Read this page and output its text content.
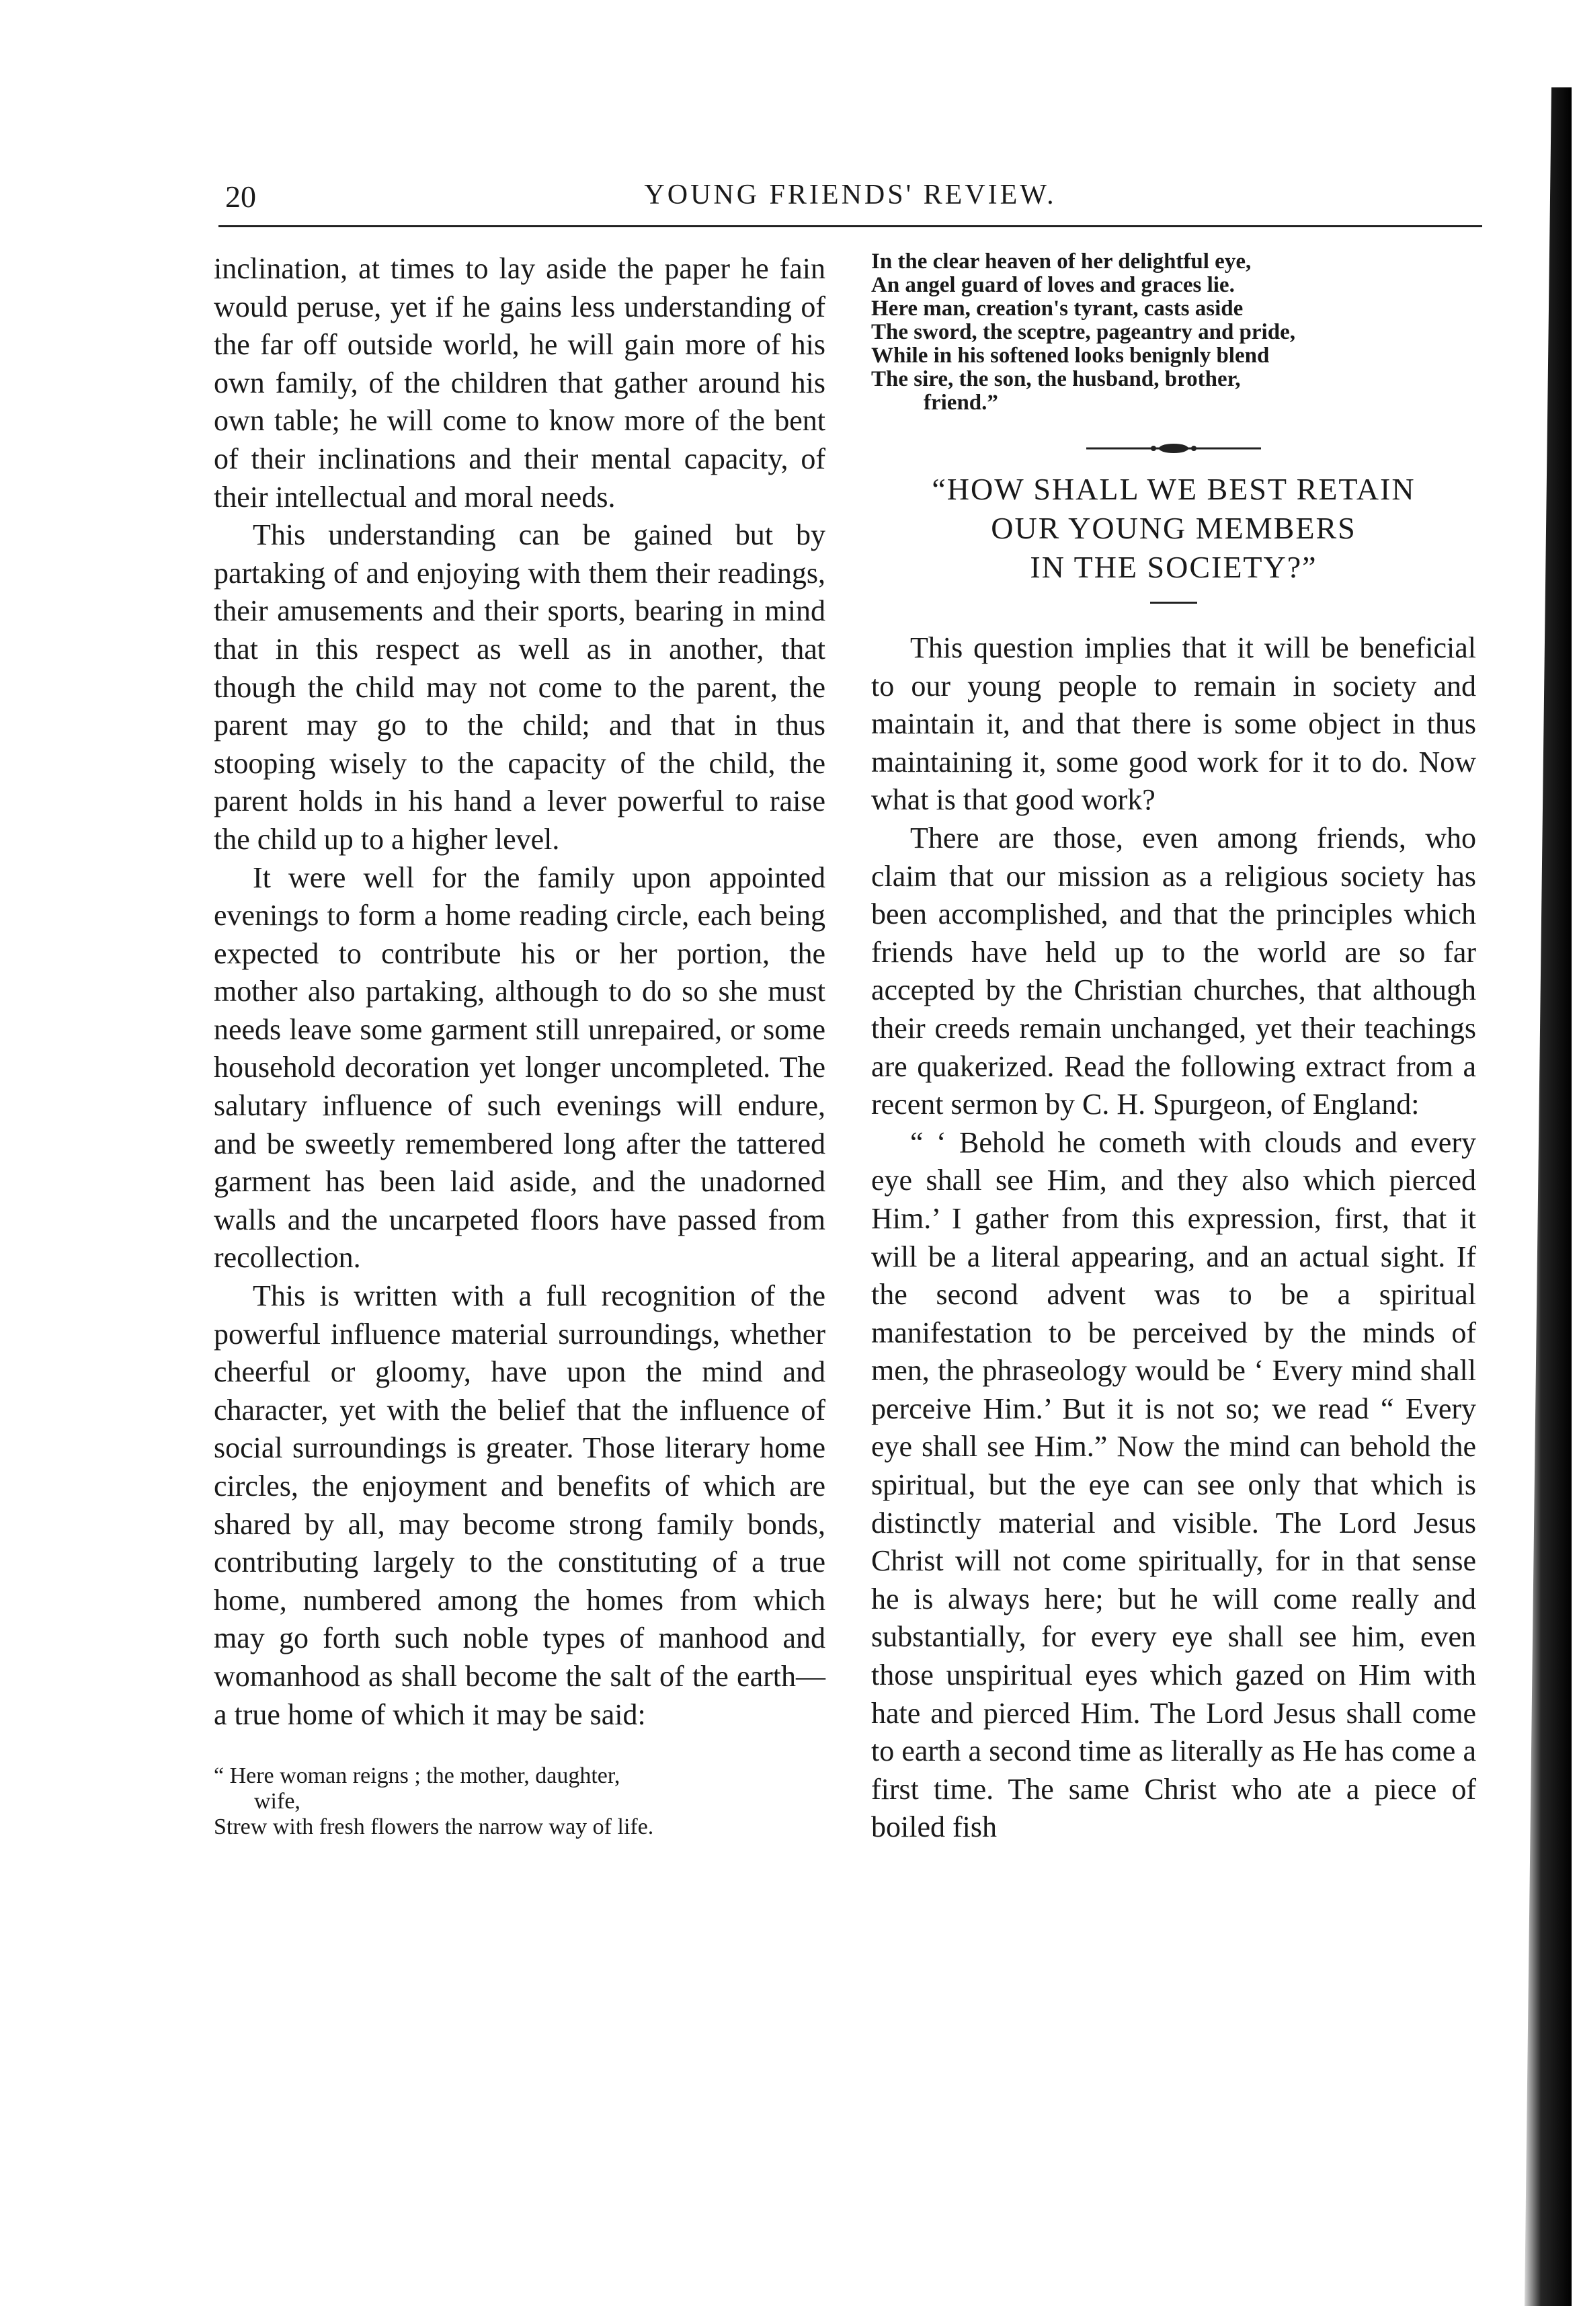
20	YOUNG FRIENDS' REVIEW.

inclination, at times to lay aside the paper he fain would peruse, yet if he gains less understanding of the far off outside world, he will gain more of his own family, of the children that gather around his own table; he will come to know more of the bent of their inclinations and their mental capacity, of their intellectual and moral needs.

This understanding can be gained but by partaking of and enjoying with them their readings, their amusements and their sports, bearing in mind that in this respect as well as in another, that though the child may not come to the parent, the parent may go to the child; and that in thus stooping wisely to the capacity of the child, the parent holds in his hand a lever powerful to raise the child up to a higher level.

It were well for the family upon appointed evenings to form a home reading circle, each being expected to contribute his or her portion, the mother also partaking, although to do so she must needs leave some garment still unrepaired, or some household decoration yet longer uncompleted. The salutary influence of such evenings will endure, and be sweetly remembered long after the tattered garment has been laid aside, and the unadorned walls and the uncarpeted floors have passed from recollection.

This is written with a full recognition of the powerful influence material surroundings, whether cheerful or gloomy, have upon the mind and character, yet with the belief that the influence of social surroundings is greater. Those literary home circles, the enjoyment and benefits of which are shared by all, may become strong family bonds, contributing largely to the constituting of a true home, numbered among the homes from which may go forth such noble types of manhood and womanhood as shall become the salt of the earth—a true home of which it may be said:

“ Here woman reigns ; the mother, daughter,
wife,
Strew with fresh flowers the narrow way of life.
In the clear heaven of her delightful eye,
An angel guard of loves and graces lie.
Here man, creation's tyrant, casts aside
The sword, the sceptre, pageantry and pride,
While in his softened looks benignly blend
The sire, the son, the husband, brother,
friend.”
“HOW SHALL WE BEST RETAIN
OUR YOUNG MEMBERS
IN THE SOCIETY?”

This question implies that it will be beneficial to our young people to remain in society and maintain it, and that there is some object in thus maintaining it, some good work for it to do. Now what is that good work?

There are those, even among friends, who claim that our mission as a religious society has been accomplished, and that the principles which friends have held up to the world are so far accepted by the Christian churches, that although their creeds remain unchanged, yet their teachings are quakerized. Read the following extract from a recent sermon by C. H. Spurgeon, of England:

“ ‘ Behold he cometh with clouds and every eye shall see Him, and they also which pierced Him.’ I gather from this expression, first, that it will be a literal appearing, and an actual sight. If the second advent was to be a spiritual manifestation to be perceived by the minds of men, the phraseology would be ‘ Every mind shall perceive Him.’ But it is not so; we read “ Every eye shall see Him.” Now the mind can behold the spiritual, but the eye can see only that which is distinctly material and visible. The Lord Jesus Christ will not come spiritually, for in that sense he is always here; but he will come really and substantially, for every eye shall see him, even those unspiritual eyes which gazed on Him with hate and pierced Him. The Lord Jesus shall come to earth a second time as literally as He has come a first time. The same Christ who ate a piece of boiled fish
